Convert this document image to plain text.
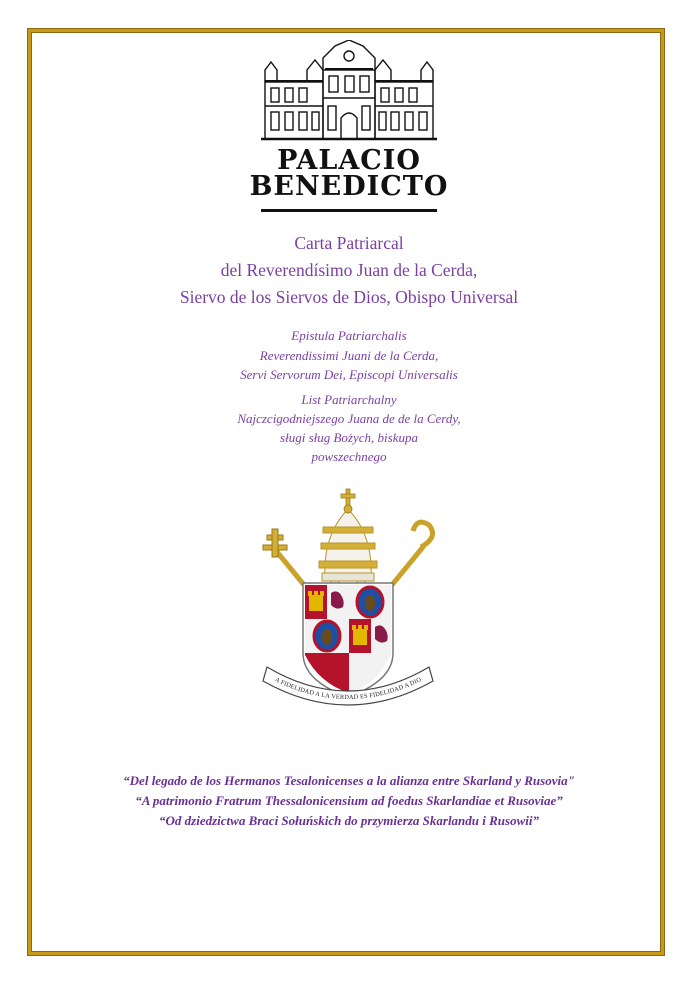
PALACIO
BENEDICTO
Carta Patriarcal
del Reverendísimo Juan de la Cerda,
Siervo de los Siervos de Dios, Obispo Universal
Epistula Patriarchalis
Reverendissimi Juani de la Cerda,
Servi Servorum Dei, Episcopi Universalis
List Patriarchalny
Najczcigodniejszego Juana de de la Cerdy,
sługi sług Bożych, biskupa
powszechnego
A FIDELIDAD A LA VERDAD ES FIDELIDAD A DIO
“Del legado de los Hermanos Tesalonicenses a la alianza entre Skarland y Rusovia"
“A patrimonio Fratrum Thessalonicensium ad foedus Skarlandiae et Rusoviae”
“Od dziedzictwa Braci Sołuńskich do przymierza Skarlandu i Rusowii”
